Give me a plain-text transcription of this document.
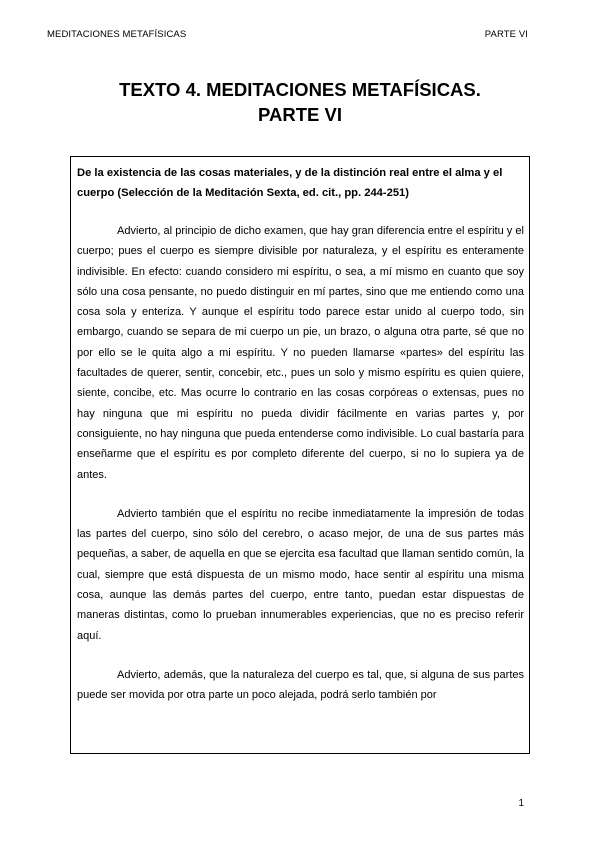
MEDITACIONES METAFÍSICAS	PARTE VI
TEXTO 4. MEDITACIONES METAFÍSICAS.
PARTE VI

De la existencia de las cosas materiales, y de la distinción real entre el alma y el cuerpo (Selección de la Meditación Sexta, ed. cit., pp. 244-251)

Advierto, al principio de dicho examen, que hay gran diferencia entre el espíritu y el cuerpo; pues el cuerpo es siempre divisible por naturaleza, y el espíritu es enteramente indivisible. En efecto: cuando considero mi espíritu, o sea, a mí mismo en cuanto que soy sólo una cosa pensante, no puedo distinguir en mí partes, sino que me entiendo como una cosa sola y enteriza. Y aunque el espíritu todo parece estar unido al cuerpo todo, sin embargo, cuando se separa de mi cuerpo un pie, un brazo, o alguna otra parte, sé que no por ello se le quita algo a mi espíritu. Y no pueden llamarse «partes» del espíritu las facultades de querer, sentir, concebir, etc., pues un solo y mismo espíritu es quien quiere, siente, concibe, etc. Mas ocurre lo contrario en las cosas corpóreas o extensas, pues no hay ninguna que mi espíritu no pueda dividir fácilmente en varias partes y, por consiguiente, no hay ninguna que pueda entenderse como indivisible. Lo cual bastaría para enseñarme que el espíritu es por completo diferente del cuerpo, si no lo supiera ya de antes.

Advierto también que el espíritu no recibe inmediatamente la impresión de todas las partes del cuerpo, sino sólo del cerebro, o acaso mejor, de una de sus partes más pequeñas, a saber, de aquella en que se ejercita esa facultad que llaman sentido común, la cual, siempre que está dispuesta de un mismo modo, hace sentir al espíritu una misma cosa, aunque las demás partes del cuerpo, entre tanto, puedan estar dispuestas de maneras distintas, como lo prueban innumerables experiencias, que no es preciso referir aquí.

Advierto, además, que la naturaleza del cuerpo es tal, que, si alguna de sus partes puede ser movida por otra parte un poco alejada, podrá serlo también por

1
